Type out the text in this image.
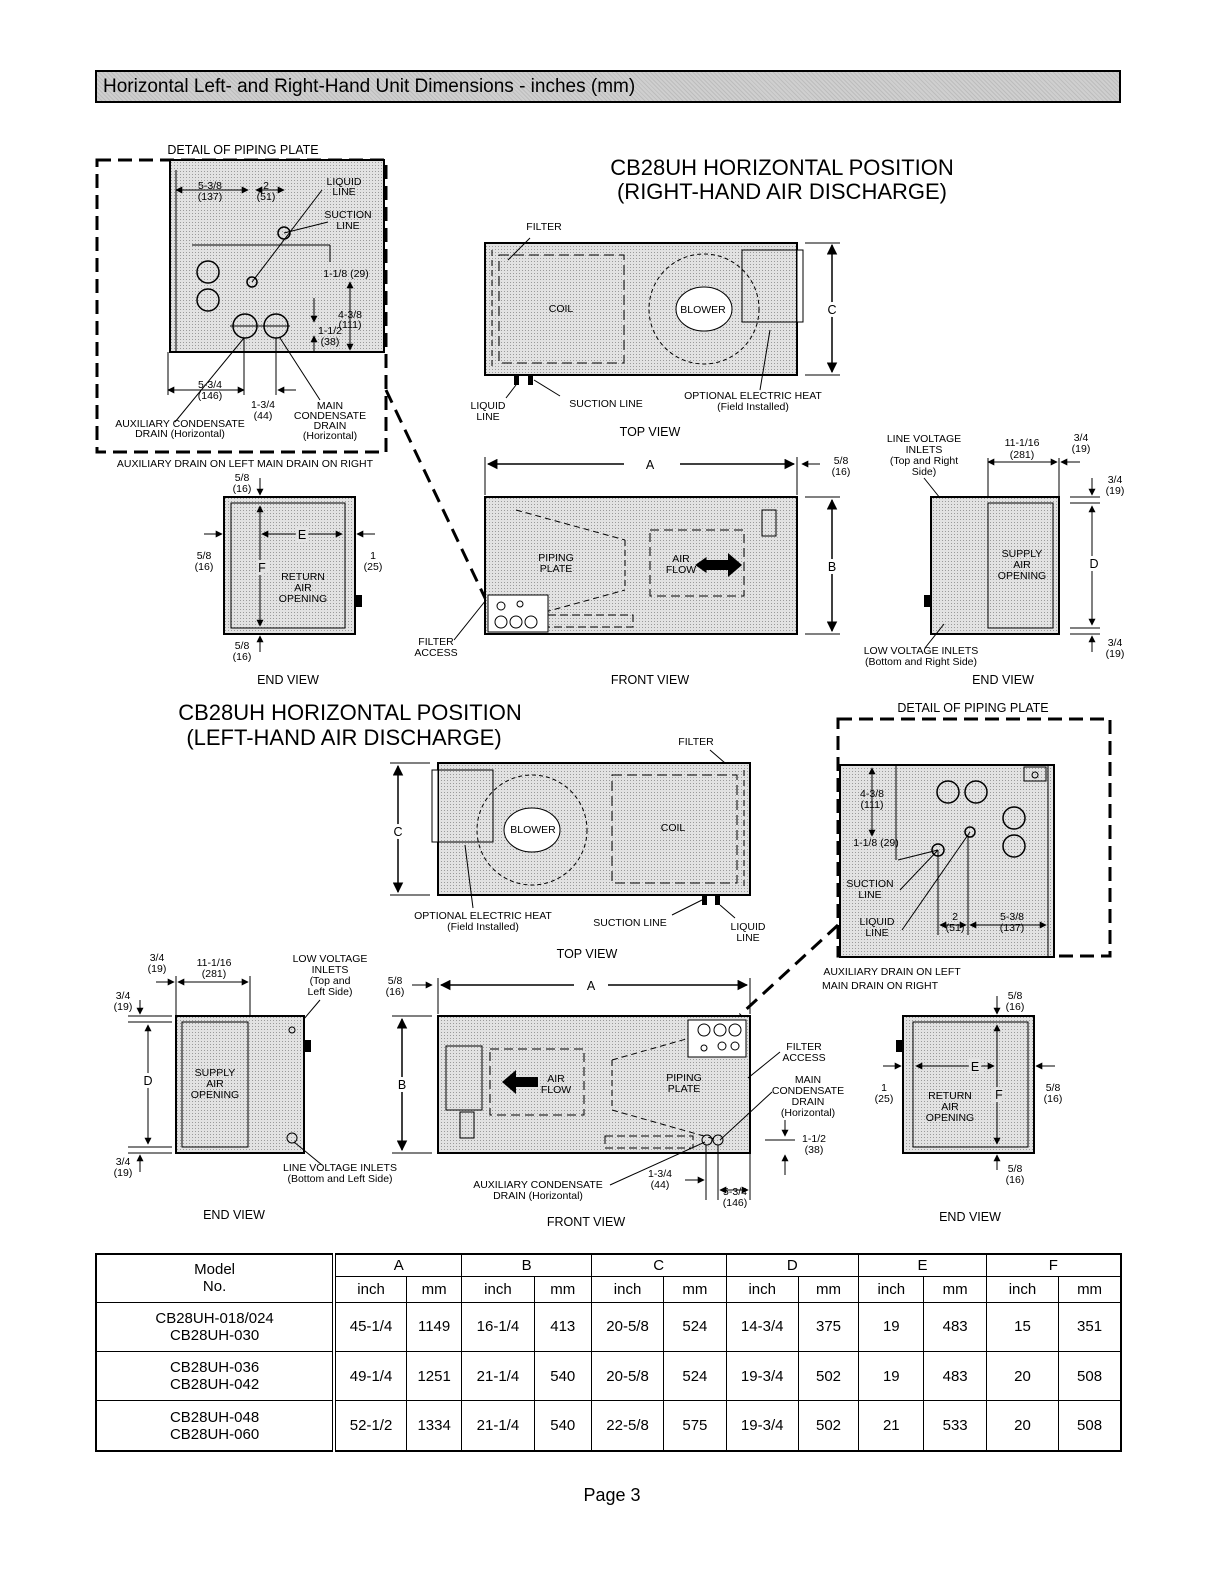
Horizontal Left- and Right-Hand Unit Dimensions - inches (mm)
CB28UH HORIZONTAL POSITION
(RIGHT-HAND AIR DISCHARGE)
DETAIL OF PIPING PLATE
5-3/8
(137)
2
(51)
LIQUID
LINE
SUCTION
LINE
1-1/8 (29)
4-3/8
(111)
1-1/2
(38)
5-3/4
(146)
1-3/4
(44)
AUXILIARY CONDENSATE
DRAIN (Horizontal)
MAIN
CONDENSATE
DRAIN
(Horizontal)
AUXILIARY DRAIN ON LEFT MAIN DRAIN ON RIGHT
FILTER
COIL	BLOWER	C
LIQUID
LINE
SUCTION LINE
OPTIONAL ELECTRIC HEAT
(Field Installed)
TOP VIEW
A	5/8
(16)
PIPING
PLATE
AIR
FLOW	B
FILTER
ACCESS
FRONT VIEW
5/8
(16)
E
5/8
(16)
1
(25)
F
RETURN
AIR
OPENING
5/8
(16)
END VIEW
LINE VOLTAGE
INLETS
(Top and Right
Side)
11-1/16
(281)
3/4
(19)
3/4
(19)
D
3/4
(19)
SUPPLY
AIR
OPENING
LOW VOLTAGE INLETS
(Bottom and Right Side)
END VIEW
CB28UH HORIZONTAL POSITION
(LEFT-HAND AIR DISCHARGE)	FILTER
BLOWER	COIL
C
OPTIONAL ELECTRIC HEAT
(Field Installed)	SUCTION LINE	LIQUID
LINE
TOP VIEW
DETAIL OF PIPING PLATE
4-3/8
(111)
1-1/8 (29)
SUCTION
LINE
LIQUID
LINE
2
(51)
5-3/8
(137)
AUXILIARY DRAIN ON LEFT
MAIN DRAIN ON RIGHT
3/4
(19)	11-1/16
(281)
LOW VOLTAGE
INLETS
(Top and
Left Side)
3/4
(19)
D
3/4
(19)
SUPPLY
AIR
OPENING
LINE VOLTAGE INLETS
(Bottom and Left Side)
END VIEW
5/8
(16)	A
B	AIR
FLOW
PIPING
PLATE
FILTER
ACCESS
MAIN
CONDENSATE
DRAIN
(Horizontal)
1-1/2
(38)
AUXILIARY CONDENSATE
DRAIN (Horizontal)
1-3/4
(44)
5-3/4
(146)
FRONT VIEW
5/8
(16)
E
1
(25)
5/8
(16)
F
RETURN
AIR
OPENING
5/8
(16)
END VIEW
Model
No.	A		B		C		D		E		F	
	inch	mm	inch	mm	inch	mm	inch	mm	inch	mm	inch	mm

CB28UH-018/024
CB28UH-030	45-1/4	1149	16-1/4	413	20-5/8	524	14-3/4	375	19	483	15	351

CB28UH-036
CB28UH-042	49-1/4	1251	21-1/4	540	20-5/8	524	19-3/4	502	19	483	20	508

CB28UH-048
CB28UH-060	52-1/2	1334	21-1/4	540	22-5/8	575	19-3/4	502	21	533	20	508
Page 3
